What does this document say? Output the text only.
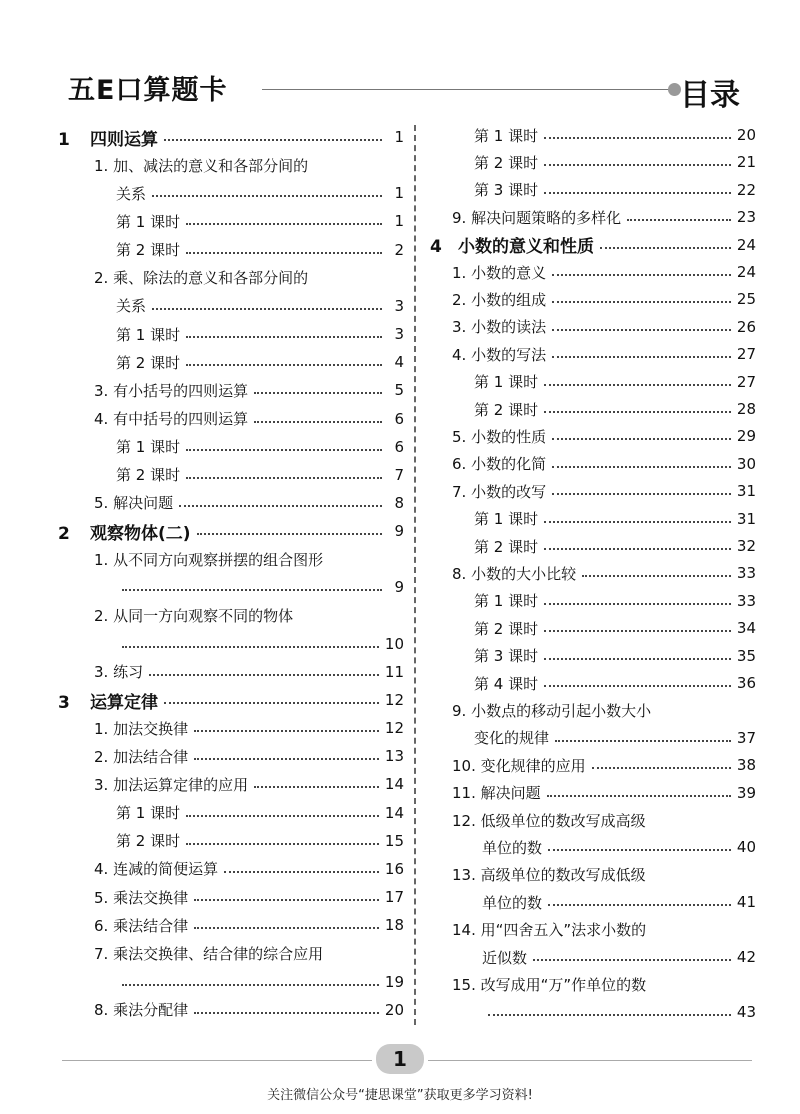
五E口算题卡	目录
1 四则运算	1
1. 加、减法的意义和各部分间的
关系	1
第 1 课时	1
第 2 课时	2
2. 乘、除法的意义和各部分间的
关系	3
第 1 课时	3
第 2 课时	4
3. 有小括号的四则运算	5
4. 有中括号的四则运算	6
第 1 课时	6
第 2 课时	7
5. 解决问题	8
2 观察物体(二)	9
1. 从不同方向观察拼摆的组合图形
9
2. 从同一方向观察不同的物体
10
3. 练习	11
3 运算定律	12
1. 加法交换律	12
2. 加法结合律	13
3. 加法运算定律的应用	14
第 1 课时	14
第 2 课时	15
4. 连减的简便运算	16
5. 乘法交换律	17
6. 乘法结合律	18
7. 乘法交换律、结合律的综合应用
19
8. 乘法分配律	20
第 1 课时	20
第 2 课时	21
第 3 课时	22
9. 解决问题策略的多样化	23
4 小数的意义和性质	24
1. 小数的意义	24
2. 小数的组成	25
3. 小数的读法	26
4. 小数的写法	27
第 1 课时	27
第 2 课时	28
5. 小数的性质	29
6. 小数的化简	30
7. 小数的改写	31
第 1 课时	31
第 2 课时	32
8. 小数的大小比较	33
第 1 课时	33
第 2 课时	34
第 3 课时	35
第 4 课时	36
9. 小数点的移动引起小数大小
变化的规律	37
10. 变化规律的应用	38
11. 解决问题	39
12. 低级单位的数改写成高级
单位的数	40
13. 高级单位的数改写成低级
单位的数	41
14. 用“四舍五入”法求小数的
近似数	42
15. 改写成用“万”作单位的数
43
1
关注微信公众号“捷思课堂”获取更多学习资料!
